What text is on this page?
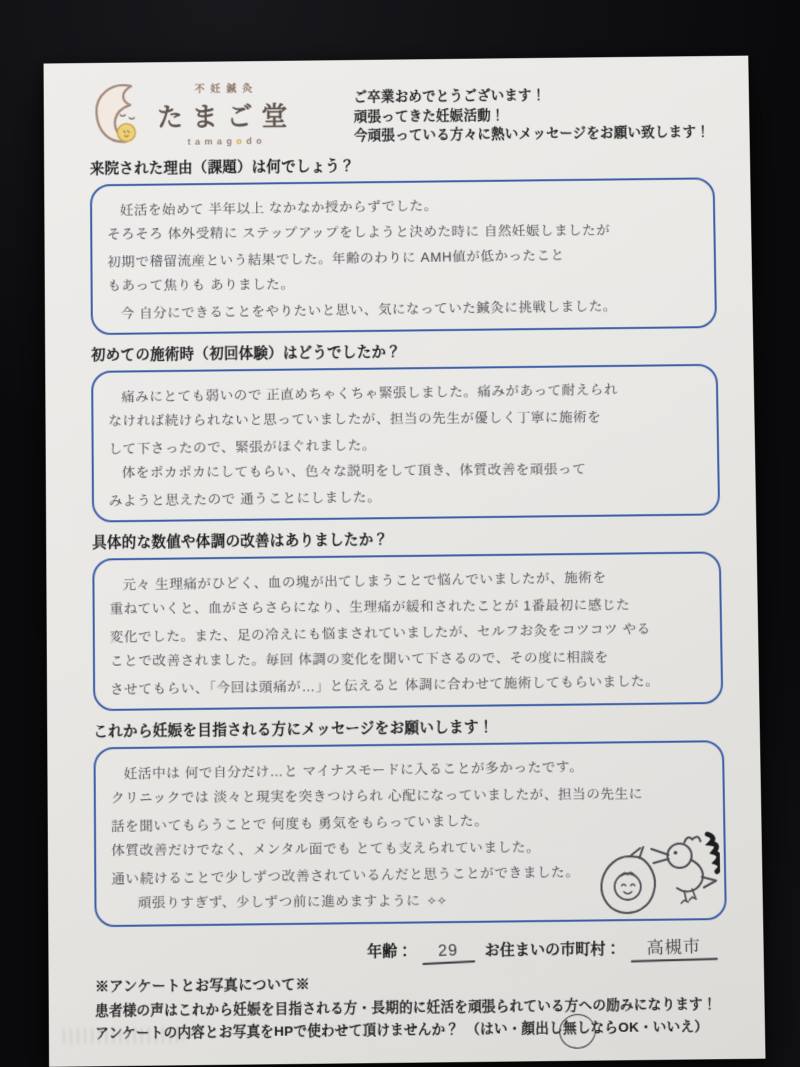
不妊鍼灸
たまご堂
tamagodo
ご卒業おめでとうございます！
頑張ってきた妊娠活動！
今頑張っている方々に熱いメッセージをお願い致します！
来院された理由（課題）は何でしょう？
妊活を始めて 半年以上 なかなか授からずでした。
そろそろ 体外受精に ステップアップをしようと決めた時に 自然妊娠しましたが
初期で稽留流産という結果でした。年齢のわりに AMH値が低かったこと
もあって焦りも ありました。
今 自分にできることをやりたいと思い、気になっていた鍼灸に挑戦しました。
初めての施術時（初回体験）はどうでしたか？
痛みにとても弱いので 正直めちゃくちゃ緊張しました。痛みがあって耐えられ
なければ続けられないと思っていましたが、担当の先生が優しく丁寧に施術を
して下さったので、緊張がほぐれました。
体をポカポカにしてもらい、色々な説明をして頂き、体質改善を頑張って
みようと思えたので 通うことにしました。
具体的な数値や体調の改善はありましたか？
元々 生理痛がひどく、血の塊が出てしまうことで悩んでいましたが、施術を
重ねていくと、血がさらさらになり、生理痛が緩和されたことが 1番最初に感じた
変化でした。また、足の冷えにも悩まされていましたが、セルフお灸をコツコツ やる
ことで改善されました。毎回 体調の変化を聞いて下さるので、その度に相談を
させてもらい、「今回は頭痛が…」と伝えると 体調に合わせて施術してもらいました。
これから妊娠を目指される方にメッセージをお願いします！
妊活中は 何で自分だけ…と マイナスモードに入ることが多かったです。
クリニックでは 淡々と現実を突きつけられ 心配になっていましたが、担当の先生に
話を聞いてもらうことで 何度も 勇気をもらっていました。
体質改善だけでなく、メンタル面でも とても支えられていました。
通い続けることで少しずつ改善されているんだと思うことができました。
頑張りすぎず、少しずつ前に進めますように ✧✧
年齢：	29	お住まいの市町村：	高槻市
※アンケートとお写真について※
患者様の声はこれから妊娠を目指される方・長期的に妊活を頑張られている方への励みになります！
アンケートの内容とお写真をHPで使わせて頂けませんか？　（はい・顔出し無しならOK・いいえ）
